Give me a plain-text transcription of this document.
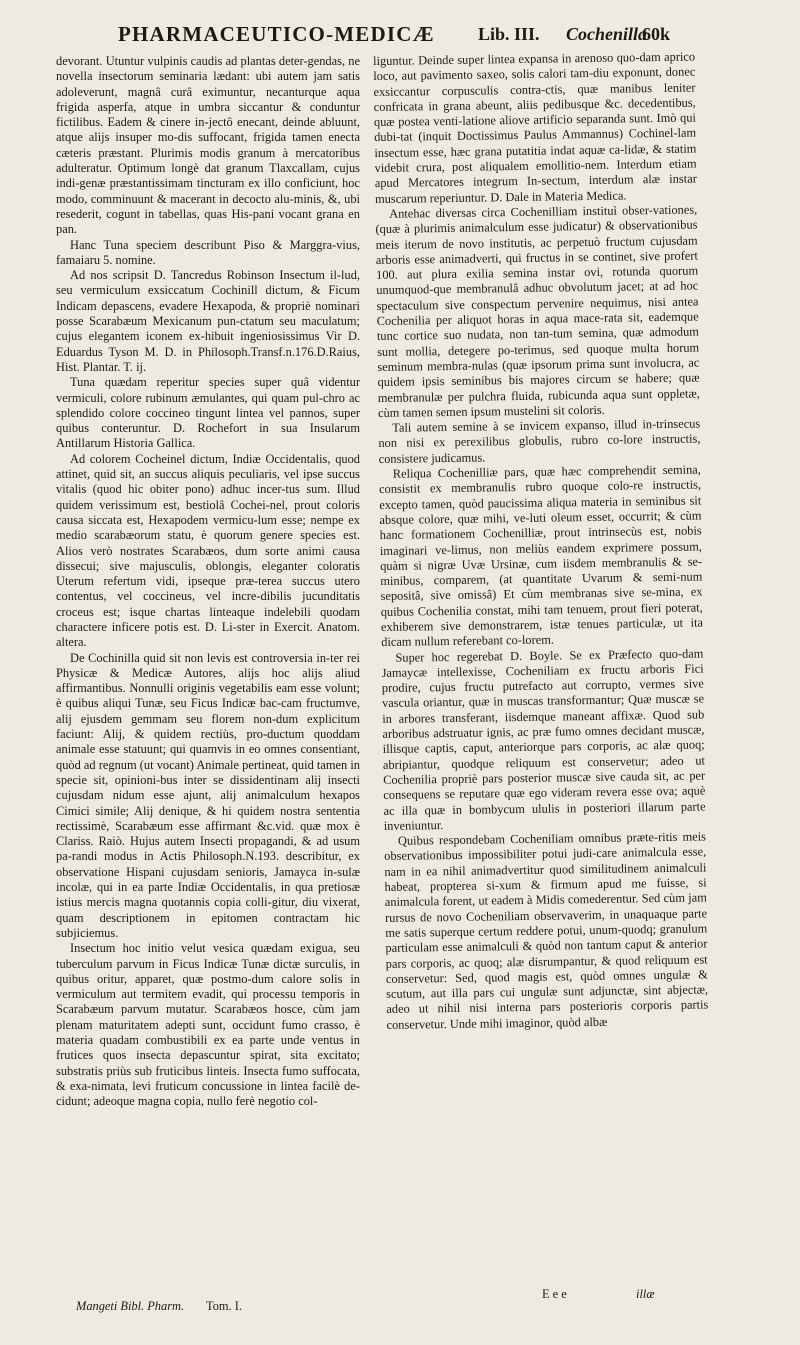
PHARMACEUTICO-MEDICÆ Lib. III. Cochenilla
60k

devorant. Utuntur vulpinis caudis ad plantas deter-gendas, ne novella insectorum seminaria lædant: ubi autem jam satis adoleverunt, magnâ curâ eximuntur, necanturque aqua frigida asperfa, atque in umbra siccantur & conduntur fictilibus. Eadem & cinere in-jectô enecant, deinde abluunt, atque alijs insuper mo-dis suffocant, frigida tamen enecta cæteris præstant. Plurimis modis granum à mercatoribus adulteratur. Optimum longè dat granum Tlaxcallam, cujus indi-genæ præstantissimam tincturam ex illo conficiunt, hoc modo, comminuunt & macerant in decocto alu-minis, &, ubi resederit, cogunt in tabellas, quas His-pani vocant grana en pan.

Hanc Tuna speciem describunt Piso & Marggra-vius, famaiaru 5. nomine.

Ad nos scripsit D. Tancredus Robinson Insectum il-lud, seu vermiculum exsiccatum Cochinill dictum, & Ficum Indicam depascens, evadere Hexapoda, & propriè nominari posse Scarabæum Mexicanum pun-ctatum seu maculatum; cujus elegantem iconem ex-hibuit ingeniosissimus Vir D. Eduardus Tyson M. D. in Philosoph.Transf.n.176.D.Raius, Hist. Plantar. T. ij.

Tuna quædam reperitur species super quâ videntur vermiculi, colore rubinum æmulantes, qui quam pul-chro ac splendido colore coccineo tingunt lintea vel pannos, super quibus conteruntur. D. Rochefort in sua Insularum Antillarum Historia Gallica.

Ad colorem Cocheinel dictum, Indiæ Occidentalis, quod attinet, quid sit, an succus aliquis peculiaris, vel ipse succus vitalis (quod hic obiter pono) adhuc incer-tus sum. Illud quidem verissimum est, bestiolâ Cochei-nel, prout coloris causa siccata est, Hexapodem vermicu-lum esse; nempe ex medio scarabæorum statu, è quorum genere species est. Alios verò nostrates Scarabæos, dum sorte animi causa dissecui; sive majusculis, oblongis, eleganter coloratis Uterum refertum vidi, ipseque præ-terea succus utero contentus, vel coccineus, vel incre-dibilis jucunditatis croceus est; isque chartas linteaque indelebili quodam charactere inficere potis est. D. Li-ster in Exercit. Anatom. altera.

De Cochinilla quid sit non levis est controversia in-ter rei Physicæ & Medicæ Autores, alijs hoc alijs aliud affirmantibus. Nonnulli originis vegetabilis eam esse volunt; è quibus aliqui Tunæ, seu Ficus Indicæ bac-cam fructumve, alij ejusdem gemmam seu florem non-dum explicitum faciunt: Alij, & quidem rectiùs, pro-ductum quoddam animale esse statuunt; qui quamvis in eo omnes consentiant, quòd ad regnum (ut vocant) Animale pertineat, quid tamen in specie sit, opinioni-bus inter se dissidentinam alij insecti cujusdam nidum esse ajunt, alij animalculum hexapos Cimici simile; Alij denique, & hi quidem nostra sententia rectissimè, Scarabæum esse affirmant &c.vid. quæ mox è Clariss. Raiò. Hujus autem Insecti propagandi, & ad usum pa-randi modus in Actis Philosoph.N.193. describitur, ex observatione Hispani cujusdam senioris, Jamayca in-sulæ incolæ, qui in ea parte Indiæ Occidentalis, in qua pretiosæ istius mercis magna quotannis copia colli-gitur, diu vixerat, quam descriptionem in epitomen contractam hic subjiciemus.

Insectum hoc initio velut vesica quædam exigua, seu tuberculum parvum in Ficus Indicæ Tunæ dictæ surculis, in quibus oritur, apparet, quæ postmo-dum calore solis in vermiculum aut termitem evadit, qui processu temporis in Scarabæum parvum mutatur. Scarabæos hosce, cùm jam plenam maturitatem adepti sunt, occidunt fumo crasso, è materia quadam combustibili ex ea parte unde ventus in frutices quos insecta depascuntur spirat, sita excitato; substratis priùs sub fruticibus linteis. Insecta fumo suffocata, & exa-nimata, levi fruticum concussione in lintea facilè de-cidunt; adeoque magna copia, nullo ferè negotio col-

liguntur. Deinde super lintea expansa in arenoso quo-dam aprico loco, aut pavimento saxeo, solis calori tam-diu exponunt, donec exsiccantur corpusculis contra-ctis, quæ manibus leniter confricata in grana abeunt, aliis pedibusque &c. decedentibus, quæ postea venti-latione aliove artificio separanda sunt. Imò qui dubi-tat (inquit Doctissimus Paulus Ammannus) Cochinel-lam insectum esse, hæc grana putatitia indat aquæ ca-lidæ, & statim videbit crura, post aliqualem emollitio-nem. Interdum etiam apud Mercatores integrum In-sectum, interdum alæ instar muscarum reperiuntur. D. Dale in Materia Medica.

Antehac diversas circa Cochenilliam instituì obser-vationes, (quæ à plurimis animalculum esse judicatur) & observationibus meis iterum de novo institutis, ac perpetuò fructum cujusdam arboris esse animadverti, qui fructus in se continet, sive profert 100. aut plura exilia semina instar ovi, rotunda quorum unumquod-que membranulâ adhuc obvolutum jacet; at ad hoc spectaculum sive conspectum pervenire nequimus, nisi antea Cochenilia per aliquot horas in aqua mace-rata sit, eademque tunc cortice suo nudata, non tan-tum semina, quæ admodum sunt mollia, detegere po-terimus, sed quoque multa horum seminum membra-nulas (quæ ipsorum prima sunt involucra, ac quidem ipsis seminibus bis majores circum se habere; quæ membranulæ per pulchra fluida, rubicunda aqua sunt oppletæ, cùm tamen semen ipsum mustelini sit coloris.

Tali autem semine à se invicem expanso, illud in-trinsecus non nisi ex perexilibus globulis, rubro co-lore instructis, consistere judicamus.

Reliqua Cochenilliæ pars, quæ hæc comprehendit semina, consistit ex membranulis rubro quoque colo-re instructis, excepto tamen, quòd paucissima aliqua materia in seminibus sit absque colore, quæ mihi, ve-luti oleum esset, occurrit; & cùm hanc formationem Cochenilliæ, prout intrinsecùs est, nobis imaginari ve-limus, non meliùs eandem exprimere possum, quàm si nigræ Uvæ Ursinæ, cum iisdem membranulis & se-minibus, comparem, (at quantitate Uvarum & semi-num sepositâ, sive omissâ) Et cùm membranas sive se-mina, ex quibus Cochenilia constat, mihi tam tenuem, prout fieri poterat, exhiberem sive demonstrarem, istæ tenues particulæ, ut ita dicam nullum referebant co-lorem.

Super hoc regerebat D. Boyle. Se ex Præfecto quo-dam Jamaycæ intellexisse, Cocheniliam ex fructu arboris Fici prodire, cujus fructu putrefacto aut corrupto, vermes sive vascula oriantur, quæ in muscas transformantur; Quæ muscæ se in arbores transferant, iisdemque maneant affixæ. Quod sub arboribus adstruatur ignis, ac præ fumo omnes decidant muscæ, illisque captis, caput, anteriorque pars corporis, ac alæ quoq; abripiantur, quodque reliquum est conservetur; adeo ut Cochenilia propriè pars posterior muscæ sive cauda sit, ac per consequens se reputare quæ ego videram revera esse ova; aquè ac illa quæ in bombycum ululis in posteriori illarum parte inveniuntur.

Quibus respondebam Cocheniliam omnibus præte-ritis meis observationibus impossibiliter potui judi-care animalcula esse, nam in ea nihil animadvertitur quod similitudinem animalculi habeat, propterea si-xum & firmum apud me fuisse, si animalcula forent, ut eadem à Midis comederentur. Sed cùm jam rursus de novo Cocheniliam observaverim, in unaquaque parte me satis superque certum reddere potui, unum-quodq; granulum particulam esse animalculi & quòd non tantum caput & anterior pars corporis, ac quoq; alæ disrumpantur, & quod reliquum est conservetur: Sed, quod magis est, quòd omnes ungulæ & scutum, aut illa pars cui ungulæ sunt adjunctæ, sint abjectæ, adeo ut nihil nisi interna pars posterioris corporis partis conservetur. Unde mihi imaginor, quòd albæ

Mangeti Bibl. Pharm. Tom. I.
E e e	illæ
